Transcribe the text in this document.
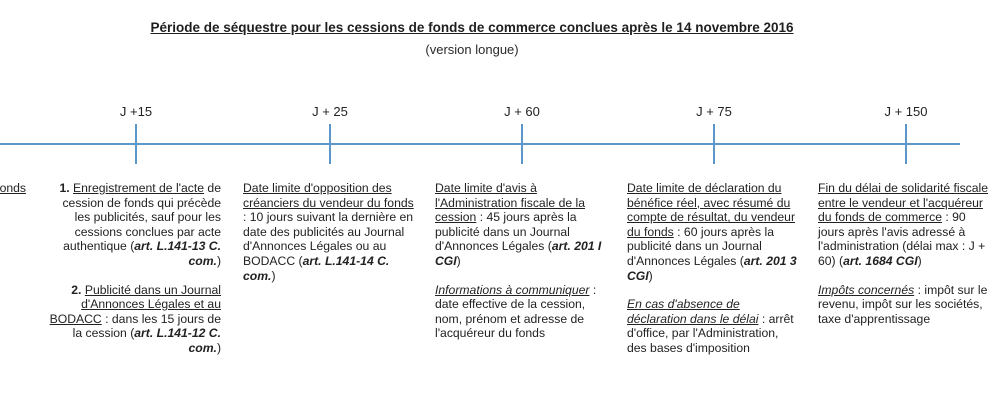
Période de séquestre pour les cessions de fonds de commerce conclues après le 14 novembre 2016
(version longue)
J +15	J + 25	J + 60	J + 75	J + 150

onds	1. Enregistrement de l'acte de cession de fonds qui précède les publicités, sauf pour les cessions conclues par acte authentique (art. L.141-13 C. com.)

2. Publicité dans un Journal d'Annonces Légales et au BODACC : dans les 15 jours de la cession (art. L.141-12 C. com.)

Date limite d'opposition des créanciers du vendeur du fonds : 10 jours suivant la dernière en date des publicités au Journal d'Annonces Légales ou au BODACC (art. L.141-14 C. com.)

Date limite d'avis à l'Administration fiscale de la cession : 45 jours après la publicité dans un Journal d'Annonces Légales (art. 201 I CGI)

Informations à communiquer : date effective de la cession, nom, prénom et adresse de l'acquéreur du fonds

Date limite de déclaration du bénéfice réel, avec résumé du compte de résultat, du vendeur du fonds : 60 jours après la publicité dans un Journal d'Annonces Légales (art. 201 3 CGI)

En cas d'absence de déclaration dans le délai : arrêt d'office, par l'Administration, des bases d'imposition

Fin du délai de solidarité fiscale entre le vendeur et l'acquéreur du fonds de commerce : 90 jours après l'avis adressé à l'administration (délai max : J + 60) (art. 1684 CGI)

Impôts concernés : impôt sur le revenu, impôt sur les sociétés, taxe d'apprentissage
